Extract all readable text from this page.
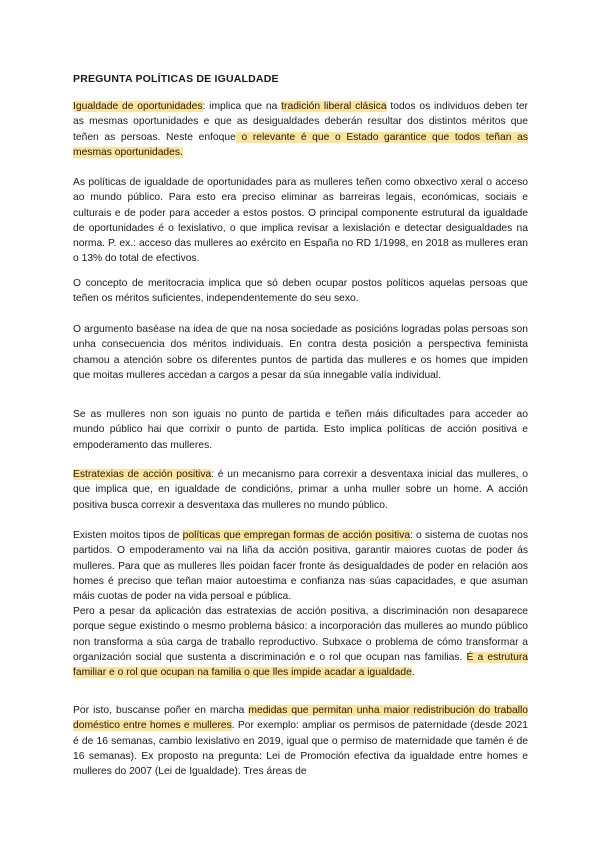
PREGUNTA POLÍTICAS DE IGUALDADE

Igualdade de oportunidades: implica que na tradición liberal clásica todos os individuos deben ter as mesmas oportunidades e que as desigualdades deberán resultar dos distintos méritos que teñen as persoas. Neste enfoque o relevante é que o Estado garantice que todos teñan as mesmas oportunidades.

As políticas de igualdade de oportunidades para as mulleres teñen como obxectivo xeral o acceso ao mundo público. Para esto era preciso eliminar as barreiras legais, económicas, sociais e culturais e de poder para acceder a estos postos. O principal componente estrutural da igualdade de oportunidades é o lexislativo, o que implica revisar a lexislación e detectar desigualdades na norma. P. ex.: acceso das mulleres ao exército en España no RD 1/1998, en 2018 as mulleres eran o 13% do total de efectivos.

O concepto de meritocracia implica que só deben ocupar postos políticos aquelas persoas que teñen os méritos suficientes, independentemente do seu sexo.

O argumento baséase na idea de que na nosa sociedade as posicións logradas polas persoas son unha consecuencia dos méritos individuais. En contra desta posición a perspectiva feminista chamou a atención sobre os diferentes puntos de partida das mulleres e os homes que impiden que moitas mulleres accedan a cargos a pesar da súa innegable valía individual.

Se as mulleres non son iguais no punto de partida e teñen máis dificultades para acceder ao mundo público hai que corrixir o punto de partida. Esto implica políticas de acción positiva e empoderamento das mulleres.

Estratexias de acción positiva: é un mecanismo para correxir a desventaxa inicial das mulleres, o que implica que, en igualdade de condicións, primar a unha muller sobre un home. A acción positiva busca correxir a desventaxa das mulleres no mundo público.

Existen moitos tipos de políticas que empregan formas de acción positiva: o sistema de cuotas nos partidos. O empoderamento vai na liña da acción positiva, garantir maiores cuotas de poder ás mulleres. Para que as mulleres lles poidan facer fronte ás desigualdades de poder en relación aos homes é preciso que teñan maior autoestima e confianza nas súas capacidades, e que asuman máis cuotas de poder na vida persoal e pública.

Pero a pesar da aplicación das estratexias de acción positiva, a discriminación non desaparece porque segue existindo o mesmo problema básico: a incorporación das mulleres ao mundo público non transforma a súa carga de traballo reproductivo. Subxace o problema de cómo transformar a organización social que sustenta a discriminación e o rol que ocupan nas familias. É a estrutura familiar e o rol que ocupan na familia o que lles impide acadar a igualdade.

Por isto, buscanse poñer en marcha medidas que permitan unha maior redistribución do traballo doméstico entre homes e mulleres. Por exemplo: ampliar os permisos de paternidade (desde 2021 é de 16 semanas, cambio lexislativo en 2019, igual que o permiso de maternidade que tamén é de 16 semanas). Ex proposto na pregunta: Lei de Promoción efectiva da igualdade entre homes e mulleres do 2007 (Lei de Igualdade). Tres áreas de
